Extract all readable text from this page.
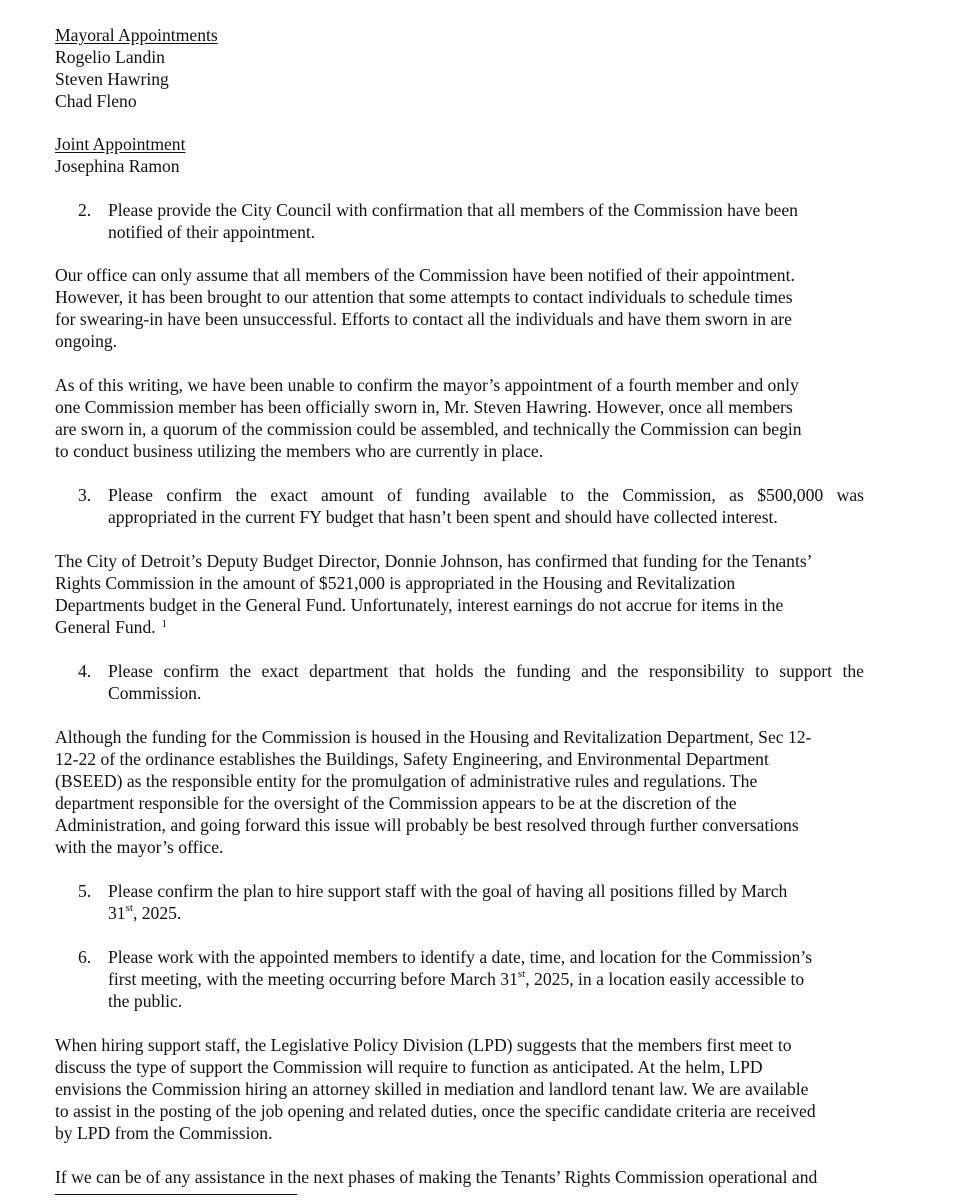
Mayoral Appointments
Rogelio Landin
Steven Hawring
Chad Fleno
Joint Appointment
Josephina Ramon
2. Please provide the City Council with confirmation that all members of the Commission have been
notified of their appointment.
Our office can only assume that all members of the Commission have been notified of their appointment.
However, it has been brought to our attention that some attempts to contact individuals to schedule times
for swearing-in have been unsuccessful. Efforts to contact all the individuals and have them sworn in are
ongoing.
As of this writing, we have been unable to confirm the mayor’s appointment of a fourth member and only
one Commission member has been officially sworn in, Mr. Steven Hawring. However, once all members
are sworn in, a quorum of the commission could be assembled, and technically the Commission can begin
to conduct business utilizing the members who are currently in place.
3. Please confirm the exact amount of funding available to the Commission, as $500,000 was
appropriated in the current FY budget that hasn’t been spent and should have collected interest.
The City of Detroit’s Deputy Budget Director, Donnie Johnson, has confirmed that funding for the Tenants’
Rights Commission in the amount of $521,000 is appropriated in the Housing and Revitalization
Departments budget in the General Fund. Unfortunately, interest earnings do not accrue for items in the
General Fund. $^1$
4. Please confirm the exact department that holds the funding and the responsibility to support the
Commission.
Although the funding for the Commission is housed in the Housing and Revitalization Department, Sec 12-
12-22 of the ordinance establishes the Buildings, Safety Engineering, and Environmental Department
(BSEED) as the responsible entity for the promulgation of administrative rules and regulations. The
department responsible for the oversight of the Commission appears to be at the discretion of the
Administration, and going forward this issue will probably be best resolved through further conversations
with the mayor’s office.
5. Please confirm the plan to hire support staff with the goal of having all positions filled by March
31st, 2025.
6. Please work with the appointed members to identify a date, time, and location for the Commission’s
first meeting, with the meeting occurring before March 31st, 2025, in a location easily accessible to
the public.
When hiring support staff, the Legislative Policy Division (LPD) suggests that the members first meet to
discuss the type of support the Commission will require to function as anticipated. At the helm, LPD
envisions the Commission hiring an attorney skilled in mediation and landlord tenant law. We are available
to assist in the posting of the job opening and related duties, once the specific candidate criteria are received
by LPD from the Commission.
If we can be of any assistance in the next phases of making the Tenants’ Rights Commission operational and
